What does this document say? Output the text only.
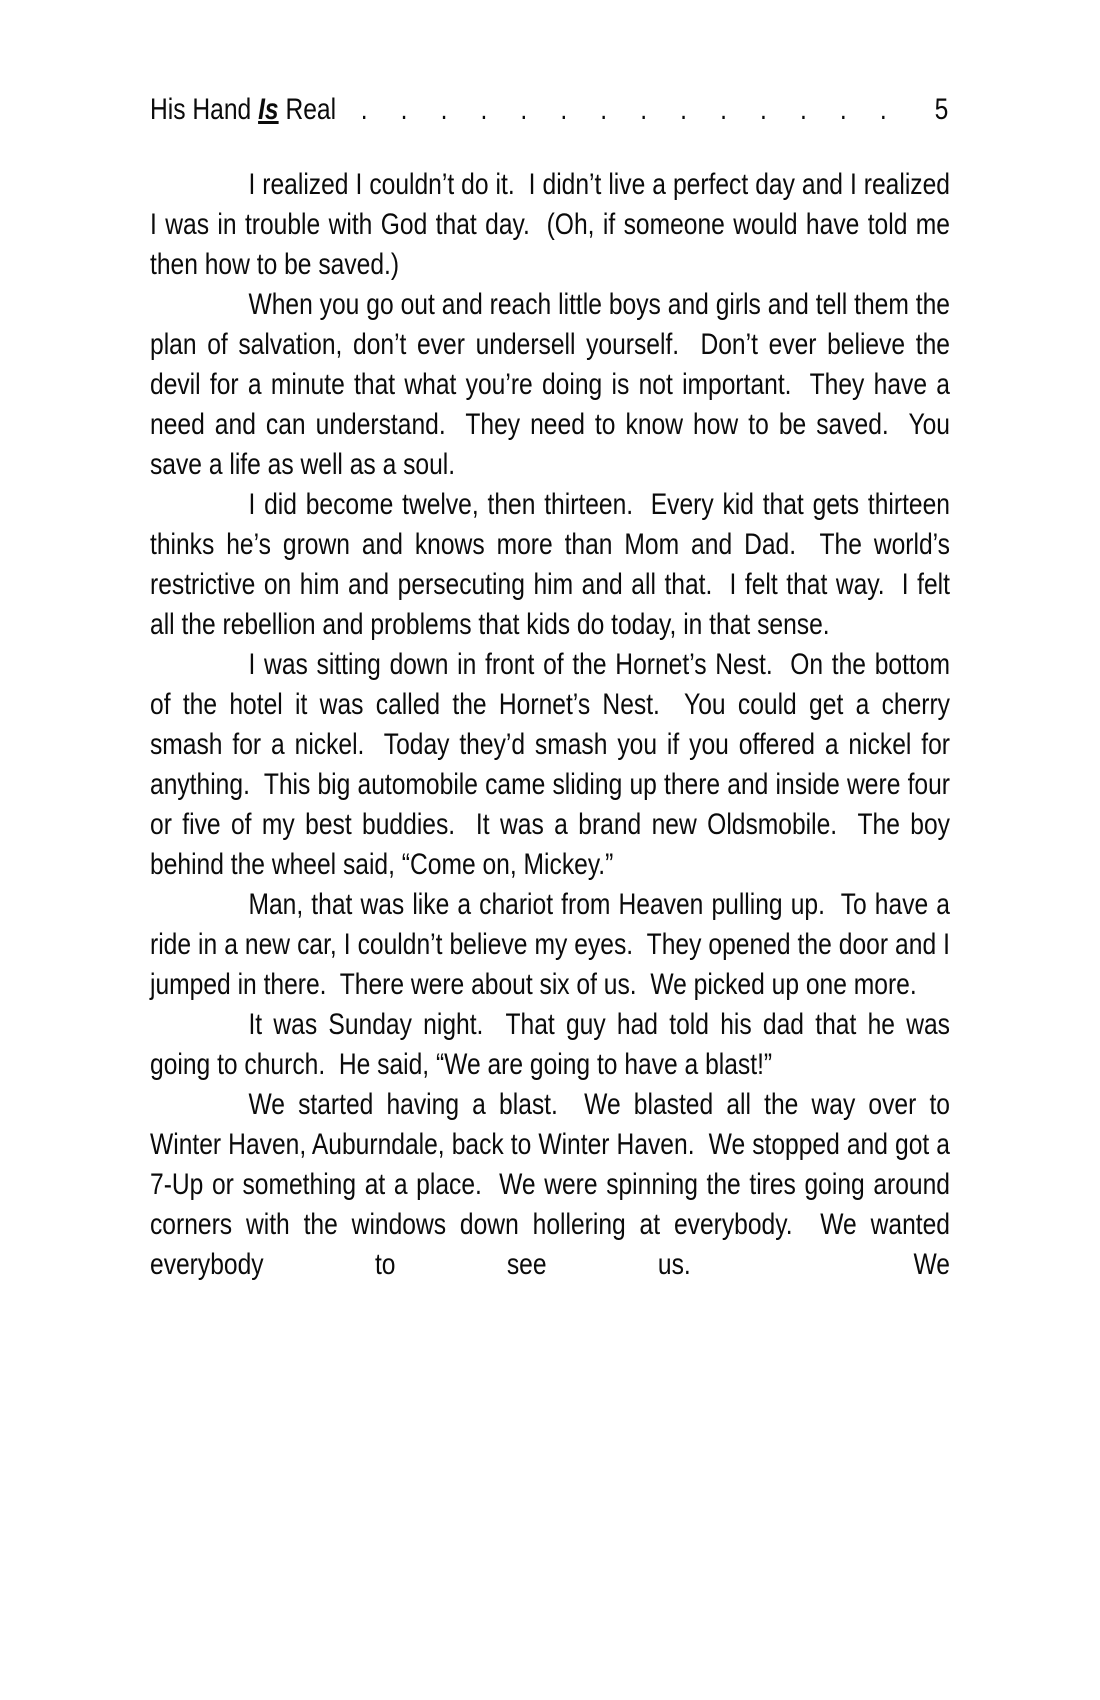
His Hand Is Real . . . . . . . . . . . . . .	5

I realized I couldn’t do it.  I didn’t live a perfect day and I realized I was in trouble with God that day.  (Oh, if someone would have told me then how to be saved.)

When you go out and reach little boys and girls and tell them the plan of salvation, don’t ever undersell yourself.  Don’t ever believe the devil for a minute that what you’re doing is not important.  They have a need and can understand.  They need to know how to be saved.  You save a life as well as a soul.

I did become twelve, then thirteen.  Every kid that gets thirteen thinks he’s grown and knows more than Mom and Dad.  The world’s restrictive on him and persecuting him and all that.  I felt that way.  I felt all the rebellion and problems that kids do today, in that sense.

I was sitting down in front of the Hornet’s Nest.  On the bottom of the hotel it was called the Hornet’s Nest.  You could get a cherry smash for a nickel.  Today they’d smash you if you offered a nickel for anything.  This big automobile came sliding up there and inside were four or five of my best buddies.  It was a brand new Oldsmobile.  The boy behind the wheel said, “Come on, Mickey.”

Man, that was like a chariot from Heaven pulling up.  To have a ride in a new car, I couldn’t believe my eyes.  They opened the door and I jumped in there.  There were about six of us.  We picked up one more.

It was Sunday night.  That guy had told his dad that he was going to church.  He said, “We are going to have a blast!”

We started having a blast.  We blasted all the way over to Winter Haven, Auburndale, back to Winter Haven.  We stopped and got a 7-Up or something at a place.  We were spinning the tires going around corners with the windows down hollering at everybody.  We wanted everybody to see us.  We
